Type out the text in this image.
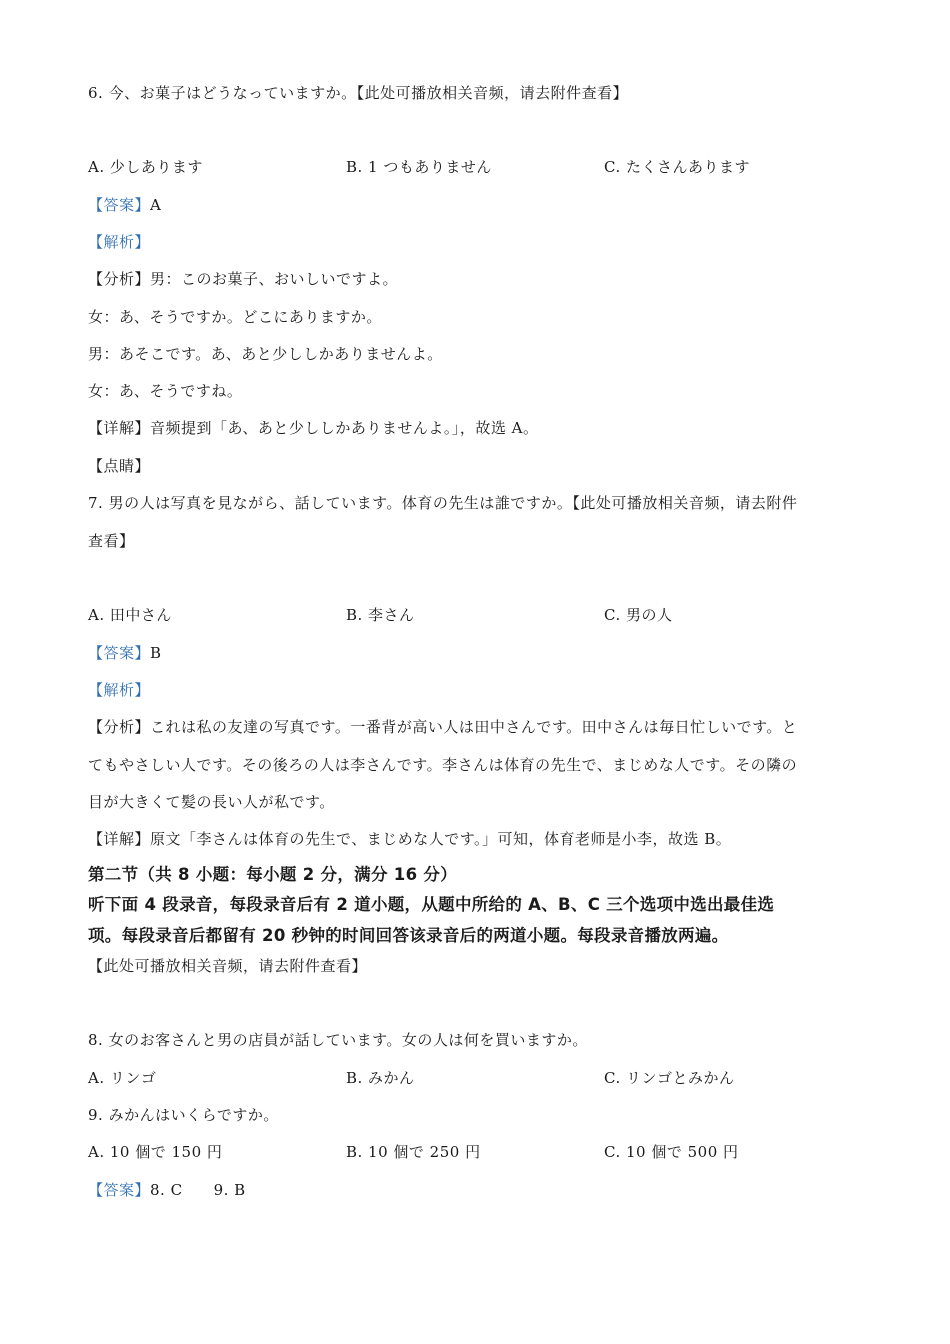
6. 今、お菓子はどうなっていますか。【此处可播放相关音频，请去附件查看】
A. 少しあります	B. 1 つもありません	C. たくさんあります
【答案】A
【解析】
【分析】男：このお菓子、おいしいですよ。
女：あ、そうですか。どこにありますか。
男：あそこです。あ、あと少ししかありませんよ。
女：あ、そうですね。
【详解】音频提到「あ、あと少ししかありませんよ。」，故选 A。
【点睛】
7. 男の人は写真を見ながら、話しています。体育の先生は誰ですか。【此处可播放相关音频，请去附件
查看】
A. 田中さん	B. 李さん	C. 男の人
【答案】B
【解析】
【分析】これは私の友達の写真です。一番背が高い人は田中さんです。田中さんは毎日忙しいです。と
てもやさしい人です。その後ろの人は李さんです。李さんは体育の先生で、まじめな人です。その隣の
目が大きくて髪の長い人が私です。
【详解】原文「李さんは体育の先生で、まじめな人です。」可知，体育老师是小李，故选 B。
第二节（共 8 小题：每小题 2 分，满分 16 分）
听下面 4 段录音，每段录音后有 2 道小题，从题中所给的 A、B、C 三个选项中选出最佳选
项。每段录音后都留有 20 秒钟的时间回答该录音后的两道小题。每段录音播放两遍。
【此处可播放相关音频，请去附件查看】
8. 女のお客さんと男の店員が話しています。女の人は何を買いますか。
A. リンゴ	B. みかん	C. リンゴとみかん
9. みかんはいくらですか。
A. 10 個で 150 円	B. 10 個で 250 円	C. 10 個で 500 円
【答案】8. C　　9. B
